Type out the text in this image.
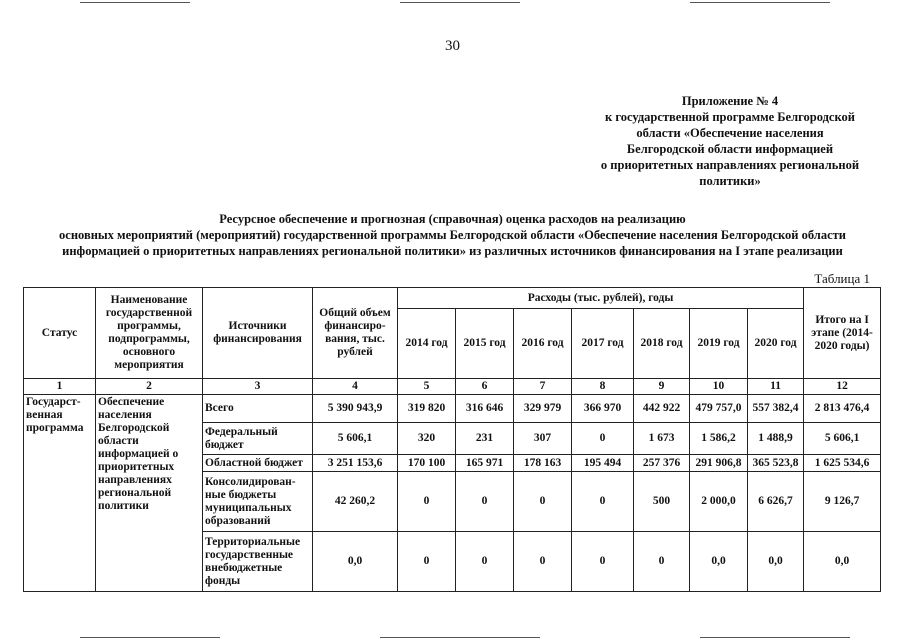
30
Приложение № 4
к государственной программе Белгородской
области «Обеспечение населения
Белгородской области информацией
о приоритетных направлениях региональной
политики»
Ресурсное обеспечение и прогнозная (справочная) оценка расходов на реализацию
основных мероприятий (мероприятий) государственной программы Белгородской области «Обеспечение населения Белгородской области
информацией о приоритетных направлениях региональной политики» из различных источников финансирования на I этапе реализации
Таблица 1
Статус	Наименование государственной программы, подпрограммы, основного мероприятия	Источники финансирования	Общий объем финансиро-вания, тыс. рублей	Расходы (тыс. рублей), годы							Итого на I этапе (2014-2020 годы)
				2014 год	2015 год	2016 год	2017 год	2018 год	2019 год	2020 год	
1	2	3	4	5	6	7	8	9	10	11	12
Государст-венная программа	Обеспечение населения Белгородской области информацией о приоритетных направлениях региональной политики	Всего	5 390 943,9	319 820	316 646	329 979	366 970	442 922	479 757,0	557 382,4	2 813 476,4
		Федеральный бюджет	5 606,1	320	231	307	0	1 673	1 586,2	1 488,9	5 606,1
		Областной бюджет	3 251 153,6	170 100	165 971	178 163	195 494	257 376	291 906,8	365 523,8	1 625 534,6
		Консолидирован-ные бюджеты муниципальных образований	42 260,2	0	0	0	0	500	2 000,0	6 626,7	9 126,7
		Территориальные государственные внебюджетные фонды	0,0	0	0	0	0	0	0,0	0,0	0,0
